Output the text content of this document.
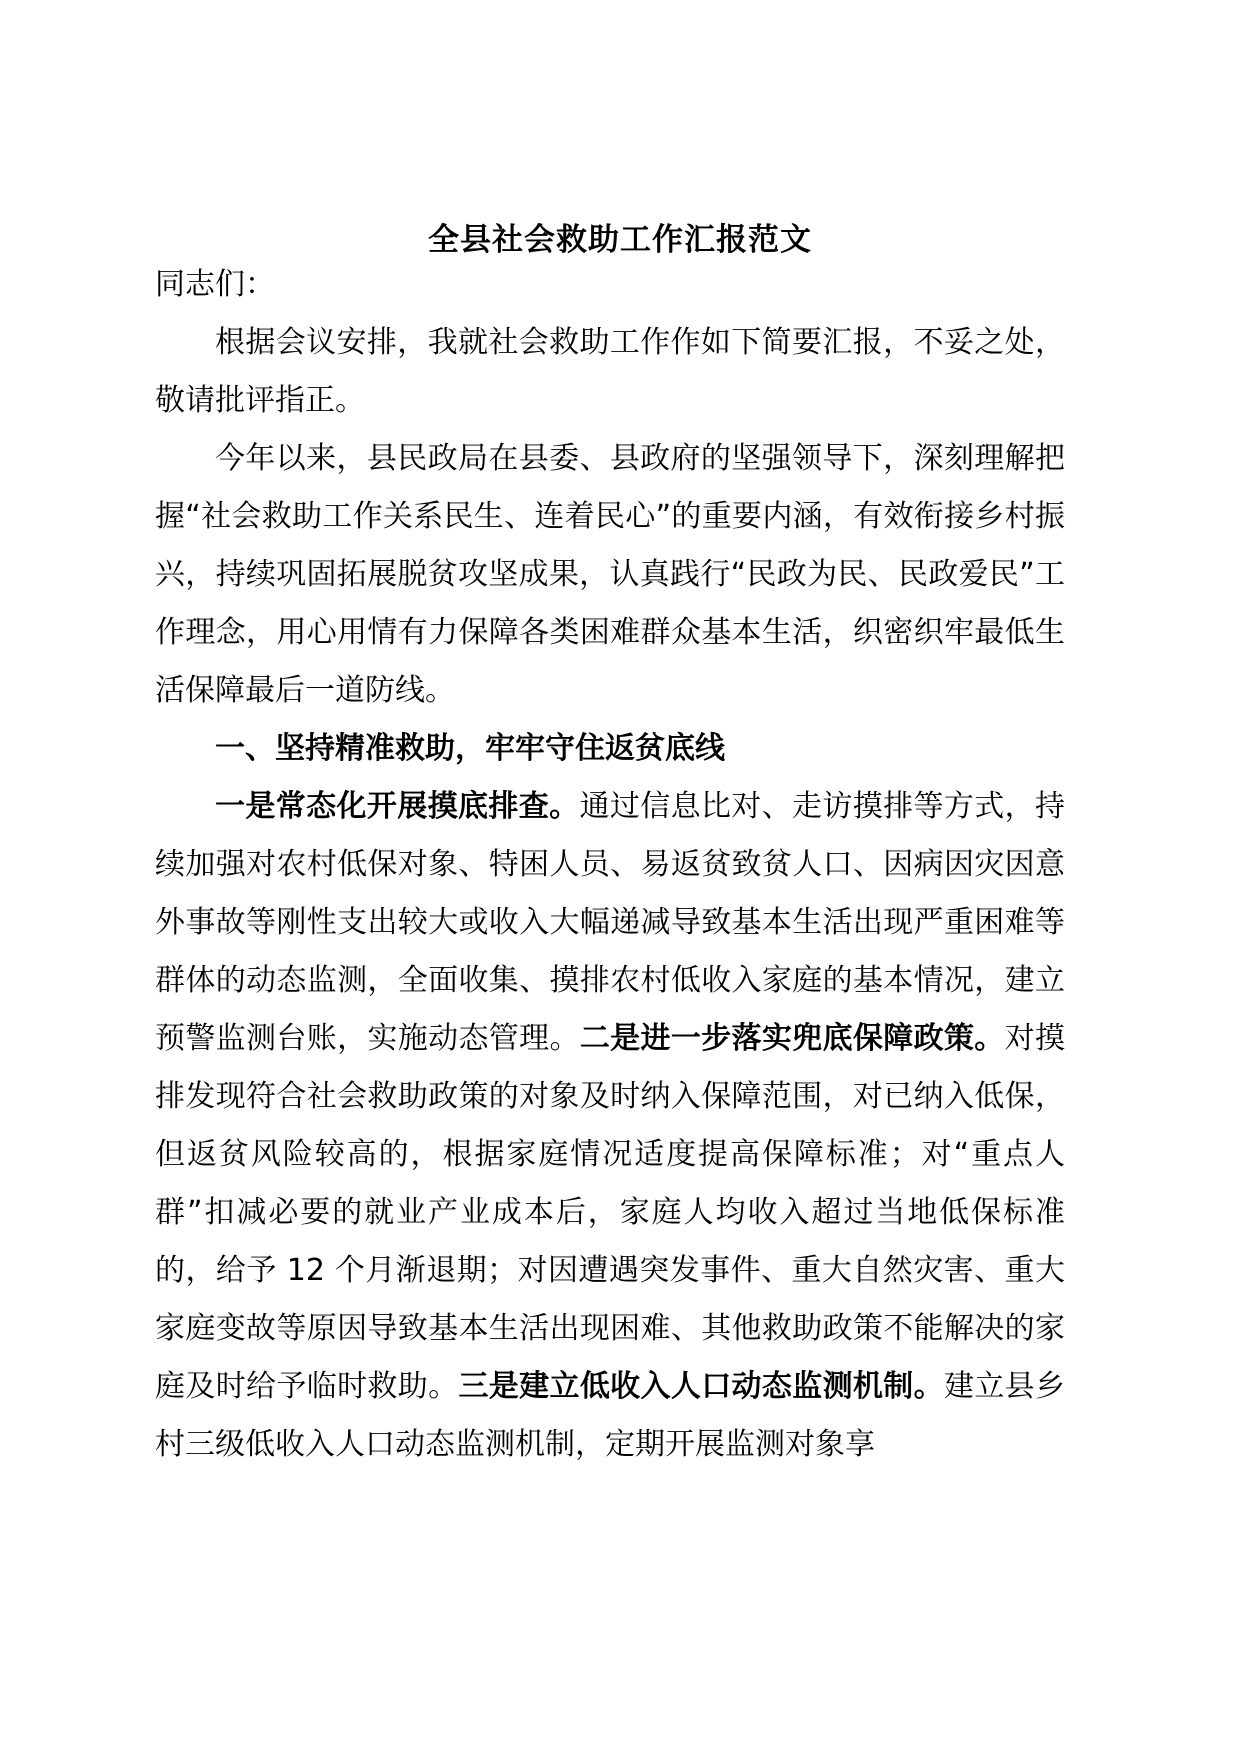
全县社会救助工作汇报范文

同志们：

根据会议安排，我就社会救助工作作如下简要汇报，不妥之处，敬请批评指正。

今年以来，县民政局在县委、县政府的坚强领导下，深刻理解把握“社会救助工作关系民生、连着民心”的重要内涵，有效衔接乡村振兴，持续巩固拓展脱贫攻坚成果，认真践行“民政为民、民政爱民”工作理念，用心用情有力保障各类困难群众基本生活，织密织牢最低生活保障最后一道防线。

一、坚持精准救助，牢牢守住返贫底线

一是常态化开展摸底排查。通过信息比对、走访摸排等方式，持续加强对农村低保对象、特困人员、易返贫致贫人口、因病因灾因意外事故等刚性支出较大或收入大幅递减导致基本生活出现严重困难等群体的动态监测，全面收集、摸排农村低收入家庭的基本情况，建立预警监测台账，实施动态管理。二是进一步落实兜底保障政策。对摸排发现符合社会救助政策的对象及时纳入保障范围，对已纳入低保，但返贫风险较高的，根据家庭情况适度提高保障标准；对“重点人群”扣减必要的就业产业成本后，家庭人均收入超过当地低保标准的，给予 12 个月渐退期；对因遭遇突发事件、重大自然灾害、重大家庭变故等原因导致基本生活出现困难、其他救助政策不能解决的家庭及时给予临时救助。三是建立低收入人口动态监测机制。建立县乡村三级低收入人口动态监测机制，定期开展监测对象享
